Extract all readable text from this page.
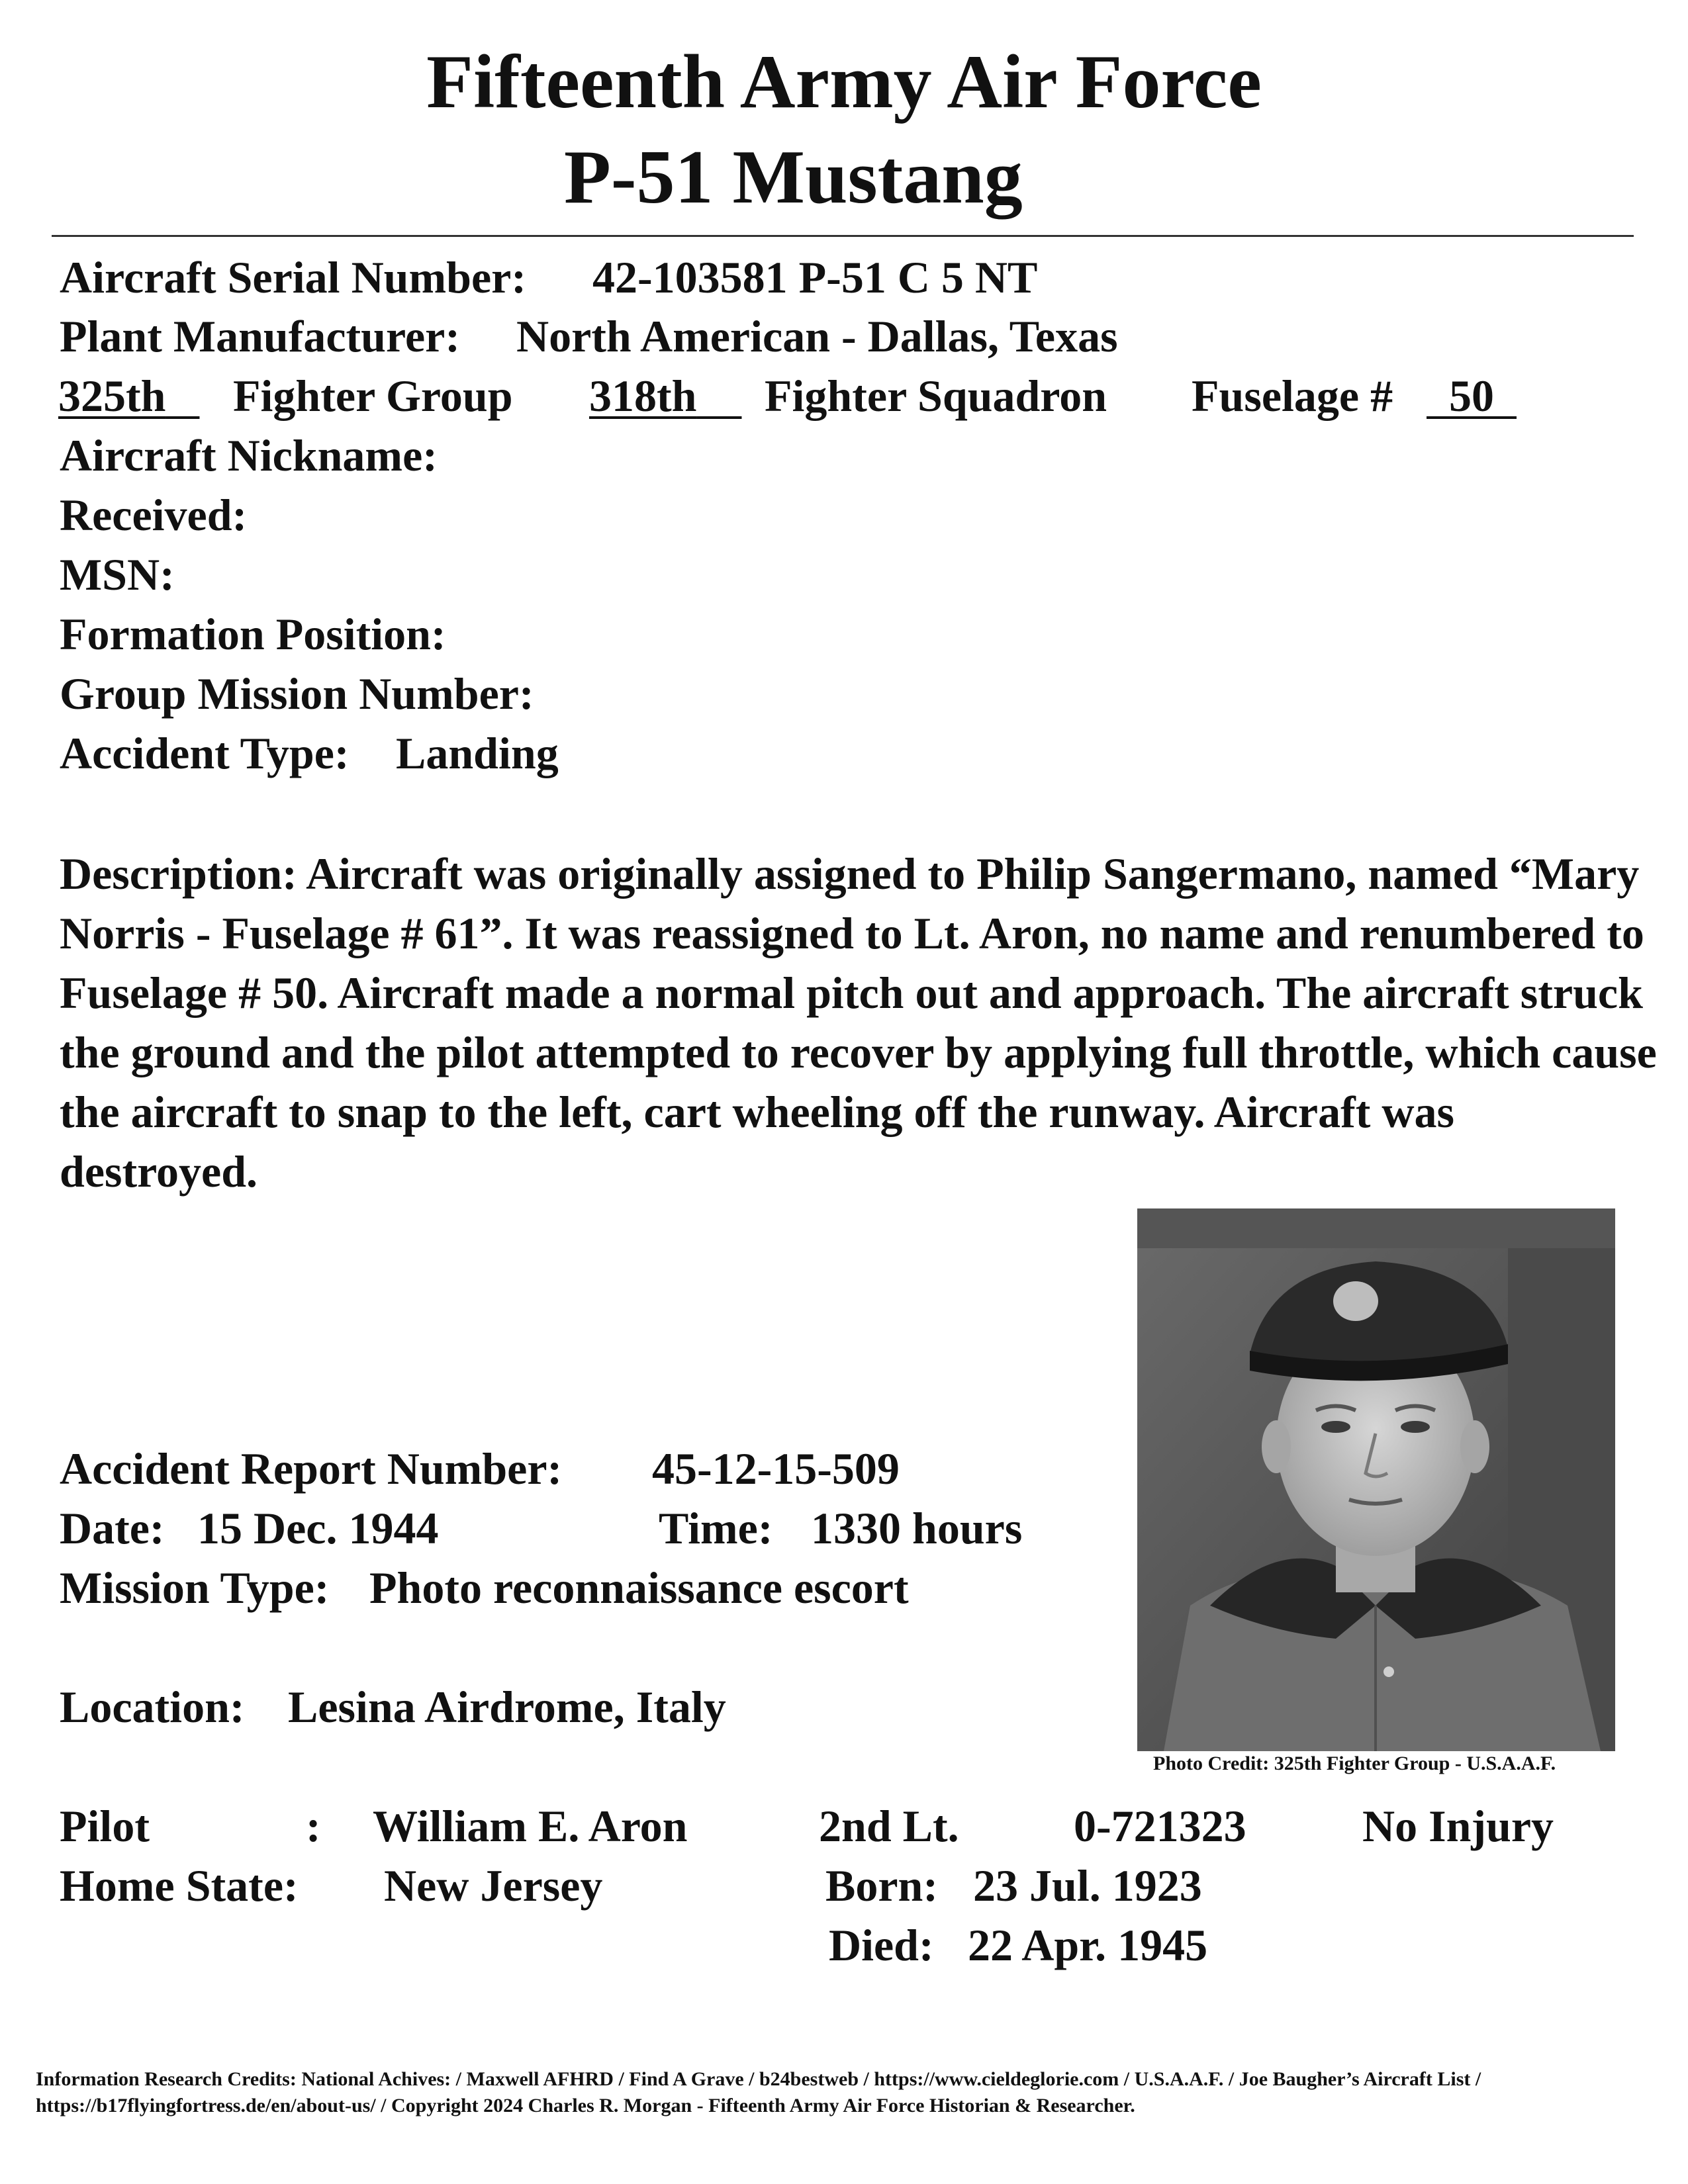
Fifteenth Army Air Force
P-51 Mustang
Aircraft Serial Number: 42-103581 P-51 C 5 NT
Plant Manufacturer: North American - Dallas, Texas
325th	Fighter Group 318th	Fighter Squadron Fuselage #	50
Aircraft Nickname:
Received:
MSN:
Formation Position:
Group Mission Number:
Accident Type: Landing
Description: Aircraft was originally assigned to Philip Sangermano, named “Mary Norris - Fuselage # 61”. It was reassigned to Lt. Aron, no name and renumbered to Fuselage # 50. Aircraft made a normal pitch out and approach. The aircraft struck the ground and the pilot attempted to recover by applying full throttle, which cause the aircraft to snap to the left, cart wheeling off the runway. Aircraft was destroyed.
Accident Report Number: 45-12-15-509
Date: 15 Dec. 1944	Time: 1330 hours
Mission Type: Photo reconnaissance escort
Location: Lesina Airdrome, Italy
Photo Credit: 325th Fighter Group - U.S.A.A.F.
Pilot	: William E. Aron	2nd Lt.	0-721323	No Injury
Home State: New Jersey	Born: 23 Jul. 1923
Died: 22 Apr. 1945
Information Research Credits: National Achives: / Maxwell AFHRD / Find A Grave / b24bestweb / https://www.cieldeglorie.com / U.S.A.A.F. / Joe Baugher’s Aircraft List /
https://b17flyingfortress.de/en/about-us/ / Copyright 2024 Charles R. Morgan - Fifteenth Army Air Force Historian & Researcher.
